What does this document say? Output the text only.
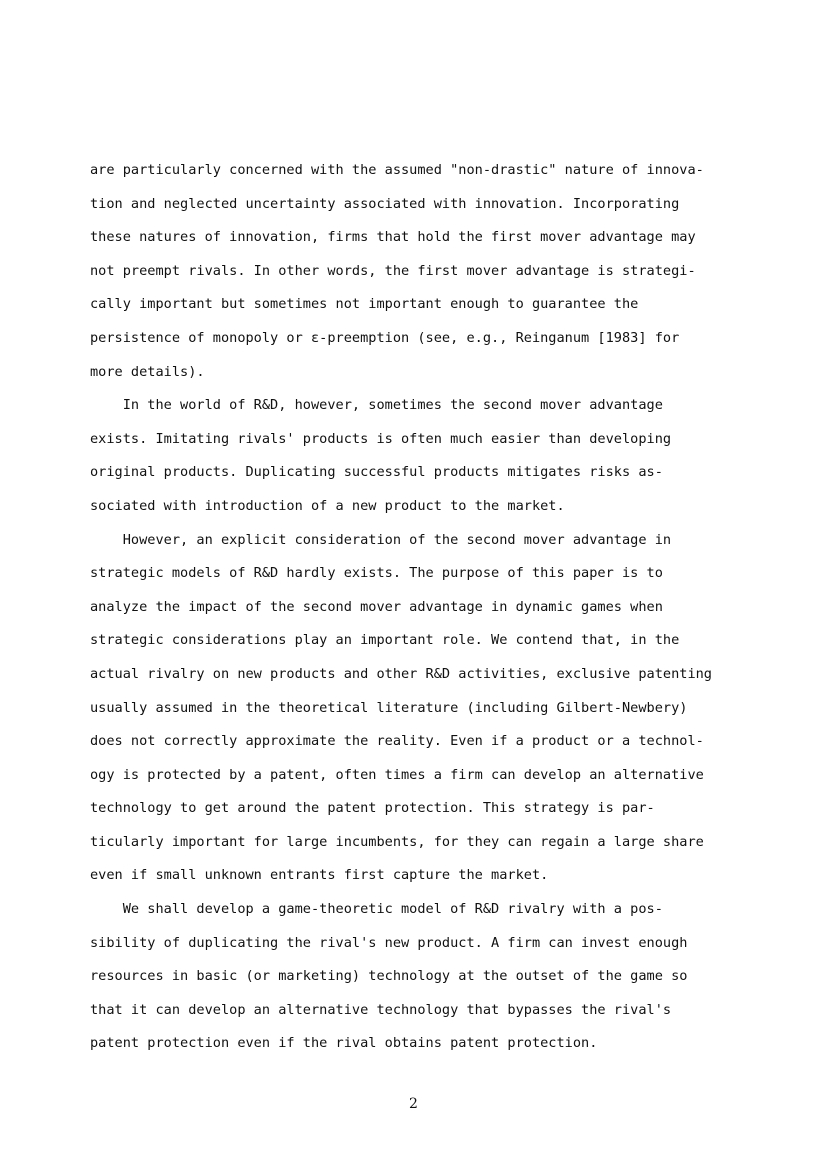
are particularly concerned with the assumed "non-drastic" nature of innova-
tion and neglected uncertainty associated with innovation. Incorporating
these natures of innovation, firms that hold the first mover advantage may
not preempt rivals. In other words, the first mover advantage is strategi-
cally important but sometimes not important enough to guarantee the
persistence of monopoly or ε-preemption (see, e.g., Reinganum [1983] for
more details).
In the world of R&D, however, sometimes the second mover advantage
exists. Imitating rivals' products is often much easier than developing
original products. Duplicating successful products mitigates risks as-
sociated with introduction of a new product to the market.
However, an explicit consideration of the second mover advantage in
strategic models of R&D hardly exists. The purpose of this paper is to
analyze the impact of the second mover advantage in dynamic games when
strategic considerations play an important role. We contend that, in the
actual rivalry on new products and other R&D activities, exclusive patenting
usually assumed in the theoretical literature (including Gilbert-Newbery)
does not correctly approximate the reality. Even if a product or a technol-
ogy is protected by a patent, often times a firm can develop an alternative
technology to get around the patent protection. This strategy is par-
ticularly important for large incumbents, for they can regain a large share
even if small unknown entrants first capture the market.
We shall develop a game-theoretic model of R&D rivalry with a pos-
sibility of duplicating the rival's new product. A firm can invest enough
resources in basic (or marketing) technology at the outset of the game so
that it can develop an alternative technology that bypasses the rival's
patent protection even if the rival obtains patent protection.
2
